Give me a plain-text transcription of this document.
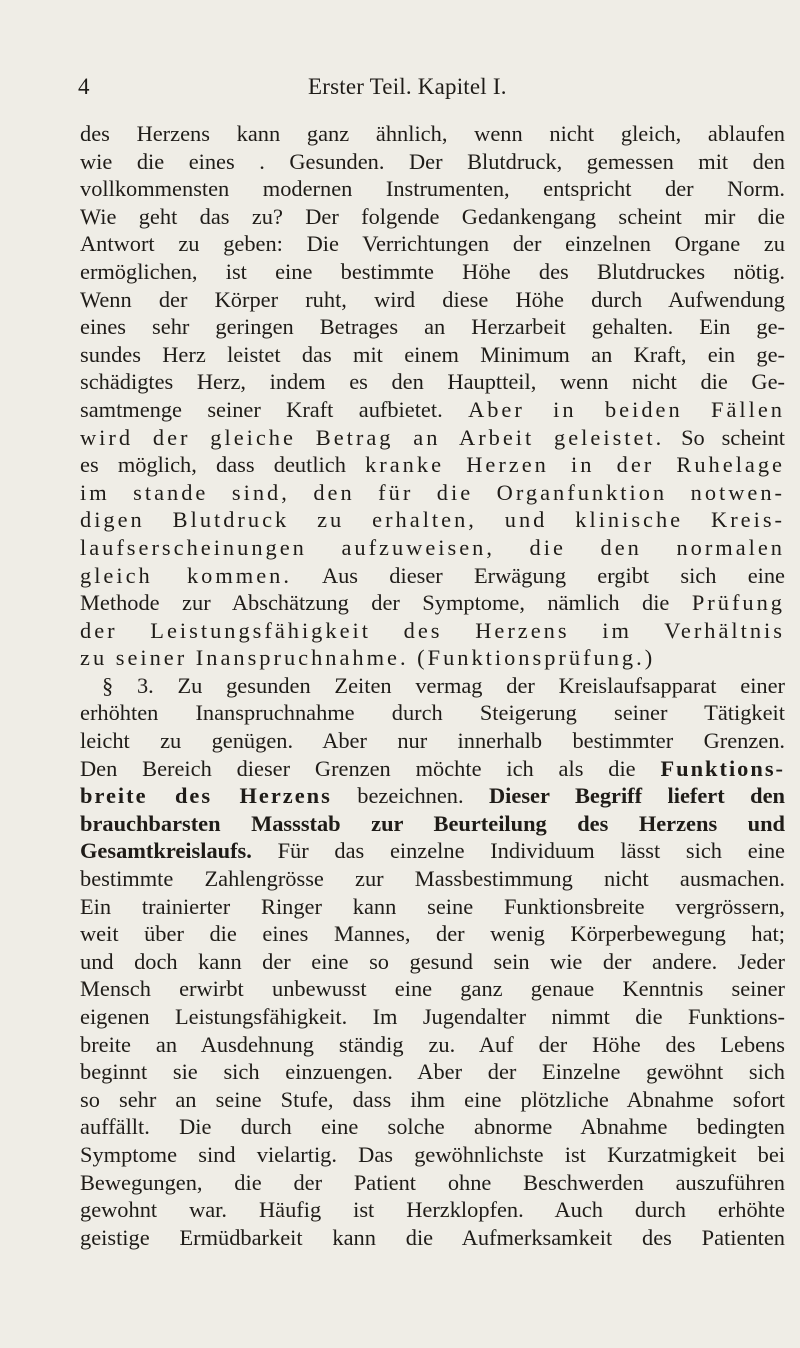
4	Erster Teil. Kapitel I.
des Herzens kann ganz ähnlich, wenn nicht gleich, ablaufen
wie die eines . Gesunden. Der Blutdruck, gemessen mit den
vollkommensten modernen Instrumenten, entspricht der Norm.
Wie geht das zu? Der folgende Gedankengang scheint mir die
Antwort zu geben: Die Verrichtungen der einzelnen Organe zu
ermöglichen, ist eine bestimmte Höhe des Blutdruckes nötig.
Wenn der Körper ruht, wird diese Höhe durch Aufwendung
eines sehr geringen Betrages an Herzarbeit gehalten. Ein ge-
sundes Herz leistet das mit einem Minimum an Kraft, ein ge-
schädigtes Herz, indem es den Hauptteil, wenn nicht die Ge-
samtmenge seiner Kraft aufbietet. Aber in beiden Fällen
wird der gleiche Betrag an Arbeit geleistet. So scheint
es möglich, dass deutlich kranke Herzen in der Ruhelage
im stande sind, den für die Organfunktion notwen-
digen Blutdruck zu erhalten, und klinische Kreis-
laufserscheinungen aufzuweisen, die den normalen
gleich kommen. Aus dieser Erwägung ergibt sich eine
Methode zur Abschätzung der Symptome, nämlich die Prüfung
der Leistungsfähigkeit des Herzens im Verhältnis
zu seiner Inanspruchnahme. (Funktionsprüfung.)
§ 3. Zu gesunden Zeiten vermag der Kreislaufsapparat einer
erhöhten Inanspruchnahme durch Steigerung seiner Tätigkeit
leicht zu genügen. Aber nur innerhalb bestimmter Grenzen.
Den Bereich dieser Grenzen möchte ich als die Funktions-
breite des Herzens bezeichnen. Dieser Begriff liefert den
brauchbarsten Massstab zur Beurteilung des Herzens und
Gesamtkreislaufs. Für das einzelne Individuum lässt sich eine
bestimmte Zahlengrösse zur Massbestimmung nicht ausmachen.
Ein trainierter Ringer kann seine Funktionsbreite vergrössern,
weit über die eines Mannes, der wenig Körperbewegung hat;
und doch kann der eine so gesund sein wie der andere. Jeder
Mensch erwirbt unbewusst eine ganz genaue Kenntnis seiner
eigenen Leistungsfähigkeit. Im Jugendalter nimmt die Funktions-
breite an Ausdehnung ständig zu. Auf der Höhe des Lebens
beginnt sie sich einzuengen. Aber der Einzelne gewöhnt sich
so sehr an seine Stufe, dass ihm eine plötzliche Abnahme sofort
auffällt. Die durch eine solche abnorme Abnahme bedingten
Symptome sind vielartig. Das gewöhnlichste ist Kurzatmigkeit bei
Bewegungen, die der Patient ohne Beschwerden auszuführen
gewohnt war. Häufig ist Herzklopfen. Auch durch erhöhte
geistige Ermüdbarkeit kann die Aufmerksamkeit des Patienten
